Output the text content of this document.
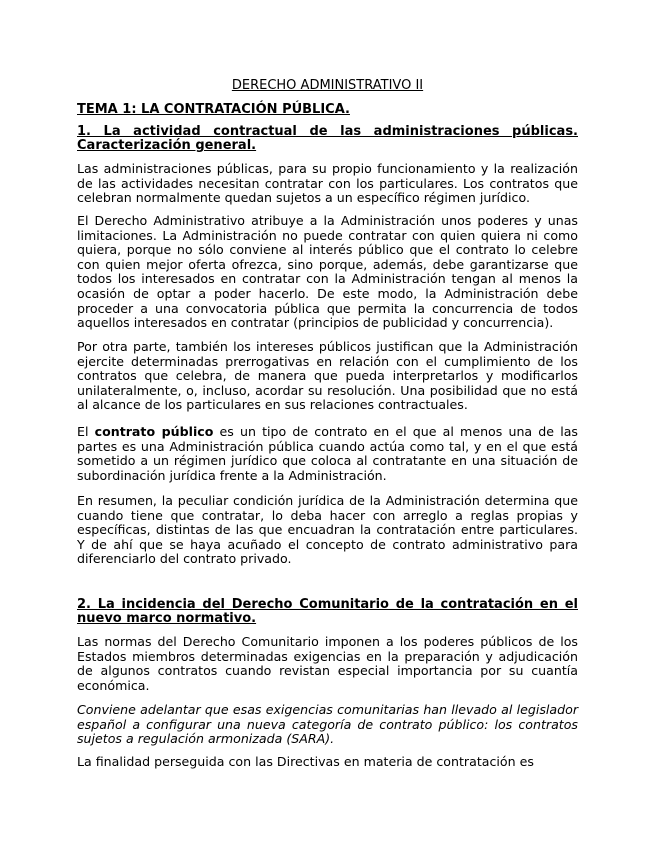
DERECHO ADMINISTRATIVO II
TEMA 1: LA CONTRATACIÓN PÚBLICA.
1. La actividad contractual de las administraciones públicas. Caracterización general.
Las administraciones públicas, para su propio funcionamiento y la realización de las actividades necesitan contratar con los particulares. Los contratos que celebran normalmente quedan sujetos a un específico régimen jurídico.
El Derecho Administrativo atribuye a la Administración unos poderes y unas limitaciones. La Administración no puede contratar con quien quiera ni como quiera, porque no sólo conviene al interés público que el contrato lo celebre con quien mejor oferta ofrezca, sino porque, además, debe garantizarse que todos los interesados en contratar con la Administración tengan al menos la ocasión de optar a poder hacerlo. De este modo, la Administración debe proceder a una convocatoria pública que permita la concurrencia de todos aquellos interesados en contratar (principios de publicidad y concurrencia).
Por otra parte, también los intereses públicos justifican que la Administración ejercite determinadas prerrogativas en relación con el cumplimiento de los contratos que celebra, de manera que pueda interpretarlos y modificarlos unilateralmente, o, incluso, acordar su resolución. Una posibilidad que no está al alcance de los particulares en sus relaciones contractuales.
El contrato público es un tipo de contrato en el que al menos una de las partes es una Administración pública cuando actúa como tal, y en el que está sometido a un régimen jurídico que coloca al contratante en una situación de subordinación jurídica frente a la Administración.
En resumen, la peculiar condición jurídica de la Administración determina que cuando tiene que contratar, lo deba hacer con arreglo a reglas propias y específicas, distintas de las que encuadran la contratación entre particulares. Y de ahí que se haya acuñado el concepto de contrato administrativo para diferenciarlo del contrato privado.
2. La incidencia del Derecho Comunitario de la contratación en el nuevo marco normativo.
Las normas del Derecho Comunitario imponen a los poderes públicos de los Estados miembros determinadas exigencias en la preparación y adjudicación de algunos contratos cuando revistan especial importancia por su cuantía económica.
Conviene adelantar que esas exigencias comunitarias han llevado al legislador español a configurar una nueva categoría de contrato público: los contratos sujetos a regulación armonizada (SARA).
La finalidad perseguida con las Directivas en materia de contratación es
